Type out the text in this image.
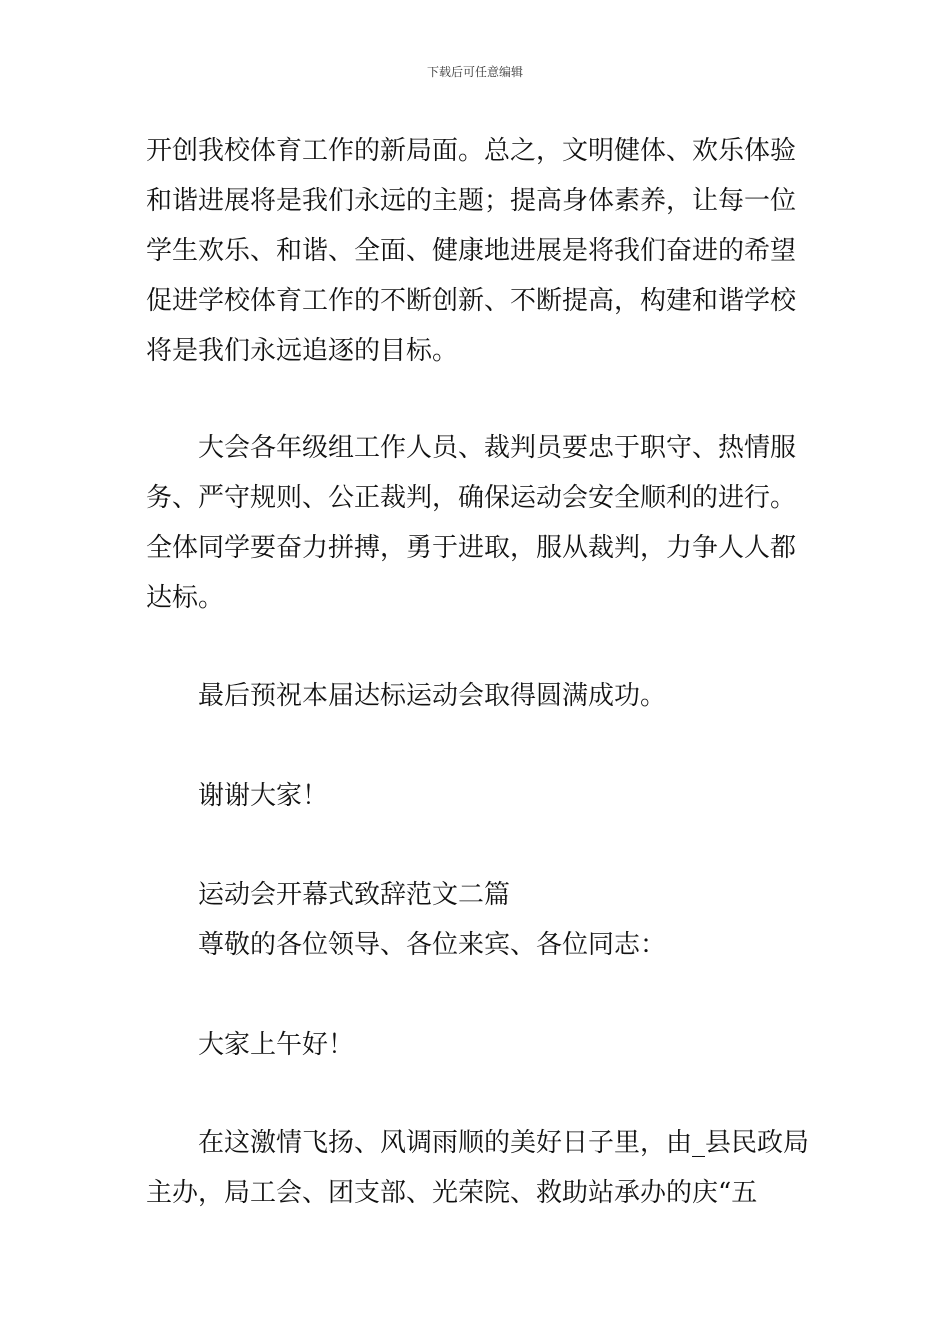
下载后可任意编辑
开创我校体育工作的新局面。总之，文明健体、欢乐体验
和谐进展将是我们永远的主题；提高身体素养，让每一位
学生欢乐、和谐、全面、健康地进展是将我们奋进的希望
促进学校体育工作的不断创新、不断提高，构建和谐学校
将是我们永远追逐的目标。
大会各年级组工作人员、裁判员要忠于职守、热情服
务、严守规则、公正裁判，确保运动会安全顺利的进行。
全体同学要奋力拼搏，勇于进取，服从裁判，力争人人都
达标。
最后预祝本届达标运动会取得圆满成功。
谢谢大家！
运动会开幕式致辞范文二篇
尊敬的各位领导、各位来宾、各位同志：
大家上午好！
在这激情飞扬、风调雨顺的美好日子里，由_县民政局
主办，局工会、团支部、光荣院、救助站承办的庆“五
